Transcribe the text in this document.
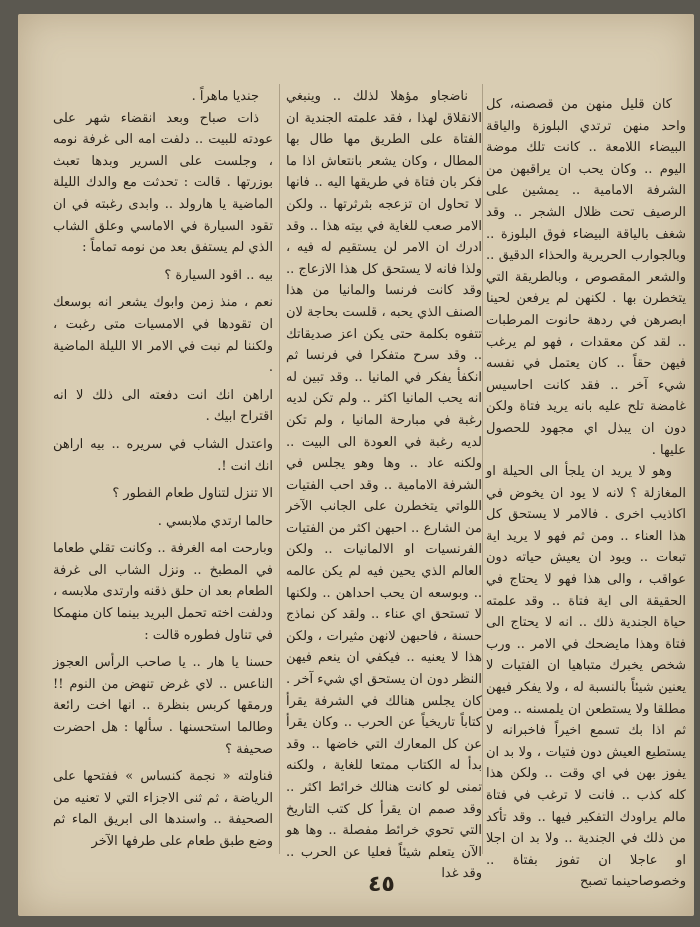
كان قليل منهن من قصصنه، كل واحد منهن ترتدي البلوزة والياقة البيضاء اللامعة .. كانت تلك موضة اليوم .. وكان يحب ان يراقبهن من الشرفة الامامية .. يمشين على الرصيف تحت ظلال الشجر .. وقد شغف بالياقة البيضاء فوق البلوزة .. وبالجوارب الحريرية والحذاء الدقيق .. والشعر المقصوص ، وبالطريقة التي يتخطرن بها . لكنهن لم يرفعن لحينا ابصرهن في ردهة حانوت المرطبات .. لقد كن معقدات ، فهو لم يرغب فيهن حقاً .. كان يعتمل في نفسه شيء آخر .. فقد كانت احاسيس غامضة تلح عليه بانه يريد فتاة ولكن دون ان يبذل اي مجهود للحصول عليها .

وهو لا يريد ان يلجأ الى الحيلة او المغازلة ؟ لانه لا يود ان يخوض في اكاذيب اخرى . فالامر لا يستحق كل هذا العناء .. ومن ثم فهو لا يريد اية تبعات .. ويود ان يعيش حياته دون عواقب ، والى هذا فهو لا يحتاج في الحقيقة الى اية فتاة .. وقد علمته حياة الجندية ذلك .. انه لا يحتاج الى فتاة وهذا مايضحك في الامر .. ورب شخص يخبرك متباهيا ان الفتيات لا يعنين شيئاً بالنسبة له ، ولا يفكر فيهن مطلقا ولا يستطعن ان يلمسنه .. ومن ثم اذا بك تسمع اخيراً فاخبرانه لا يستطيع العيش دون فتيات ، ولا بد ان يفوز بهن في اي وقت .. ولكن هذا كله كذب .. فانت لا ترغب في فتاة مالم يراودك التفكير فيها .. وقد تأكد من ذلك في الجندية .. ولا بد ان اجلا او عاجلا ان تفوز بفتاة .. وخصوصاحينما تصبح

ناضجاو مؤهلا لذلك .. وينبغي الانقلاق لهذا ، فقد علمته الجندية ان الفتاة على الطريق مها طال بها المطال ، وكان يشعر بانتعاش اذا ما فكر بان فتاة في طريقها اليه .. فانها لا تحاول ان تزعجه بثرثرتها .. ولكن الامر صعب للغاية في بيته هذا .. وقد ادرك ان الامر لن يستقيم له فيه ، ولذا فانه لا يستحق كل هذا الازعاج .. وقد كانت فرنسا والمانيا من هذا الصنف الذي يحبه ، قلست بحاجة لان تتفوه بكلمة حتى يكن اعز صديقاتك .. وقد سرح متفكرا في فرنسا ثم انكفأ يفكر في المانيا .. وقد تبين له انه يحب المانيا اكثر .. ولم تكن لديه رغبة في مبارحة المانيا ، ولم تكن لديه رغبة في العودة الى البيت .. ولكنه عاد .. وها وهو يجلس في الشرفة الامامية .. وقد احب الفتيات اللواتي يتخطرن على الجانب الآخر من الشارع .. احبهن اكثر من الفتيات الفرنسيات او الالمانيات .. ولكن العالم الذي يحين فيه لم يكن عالمه .. وبوسعه ان يحب احداهن .. ولكنها لا تستحق اي عناء .. ولقد كن نماذج حسنة ، فاحبهن لانهن مثيرات ، ولكن هذا لا يعنيه .. فيكفي ان ينعم فيهن النظر دون ان يستحق اي شيء آخر . كان يجلس هنالك في الشرفة يقرأ كتاباً تاريخياً عن الحرب .. وكان يقرأ عن كل المعارك التي خاضها .. وقد بدأ له الكتاب ممتعا للغاية ، ولكنه تمنى لو كانت هنالك خرائط اكثر .. وقد صمم ان يقرأ كل كتب التاريخ التي تحوي خرائط مفصلة .. وها هو الآن يتعلم شيئاً فعليا عن الحرب .. وقد غدا

جنديا ماهراً .

ذات صباح وبعد انقضاء شهر على عودته للبيت .. دلفت امه الى غرفة نومه ، وجلست على السرير وبدها تعبث بوزرتها . قالت : تحدثت مع والدك الليلة الماضية يا هارولد .. وابدى رغبته في ان تقود السيارة في الاماسي وعلق الشاب الذي لم يستفق بعد من نومه تماماً :

بيه .. اقود السيارة ؟

نعم ، منذ زمن وابوك يشعر انه بوسعك ان تقودها في الامسيات متى رغبت ، ولكننا لم نبت في الامر الا الليلة الماضية .

اراهن انك انت دفعته الى ذلك لا انه اقتراح ابيك .

واعتدل الشاب في سريره .. بيه اراهن انك انت !.

الا تنزل لتناول طعام الفطور ؟

حالما ارتدي ملابسي .

وبارحت امه الغرفة .. وكانت تقلي طعاما في المطبخ .. ونزل الشاب الى غرفة الطعام بعد ان حلق ذقنه وارتدى ملابسه ، ودلفت اخته تحمل البريد بينما كان منهمكا في تناول فطوره قالت :

حسنا يا هار .. يا صاحب الرأس العجوز الناعس .. لاي غرض تنهض من النوم !! ورمقها كربس بنظرة .. انها اخت رائعة وطالما استحسنها . سألها : هل احضرت صحيفة ؟

فناولته « نجمة كنساس » ففتحها على الرياضة ، ثم ثنى الاجزاء التي لا تعنيه من الصحيفة .. واسندها الى ابريق الماء ثم وضع طبق طعام على طرفها الآخر

٤٥
